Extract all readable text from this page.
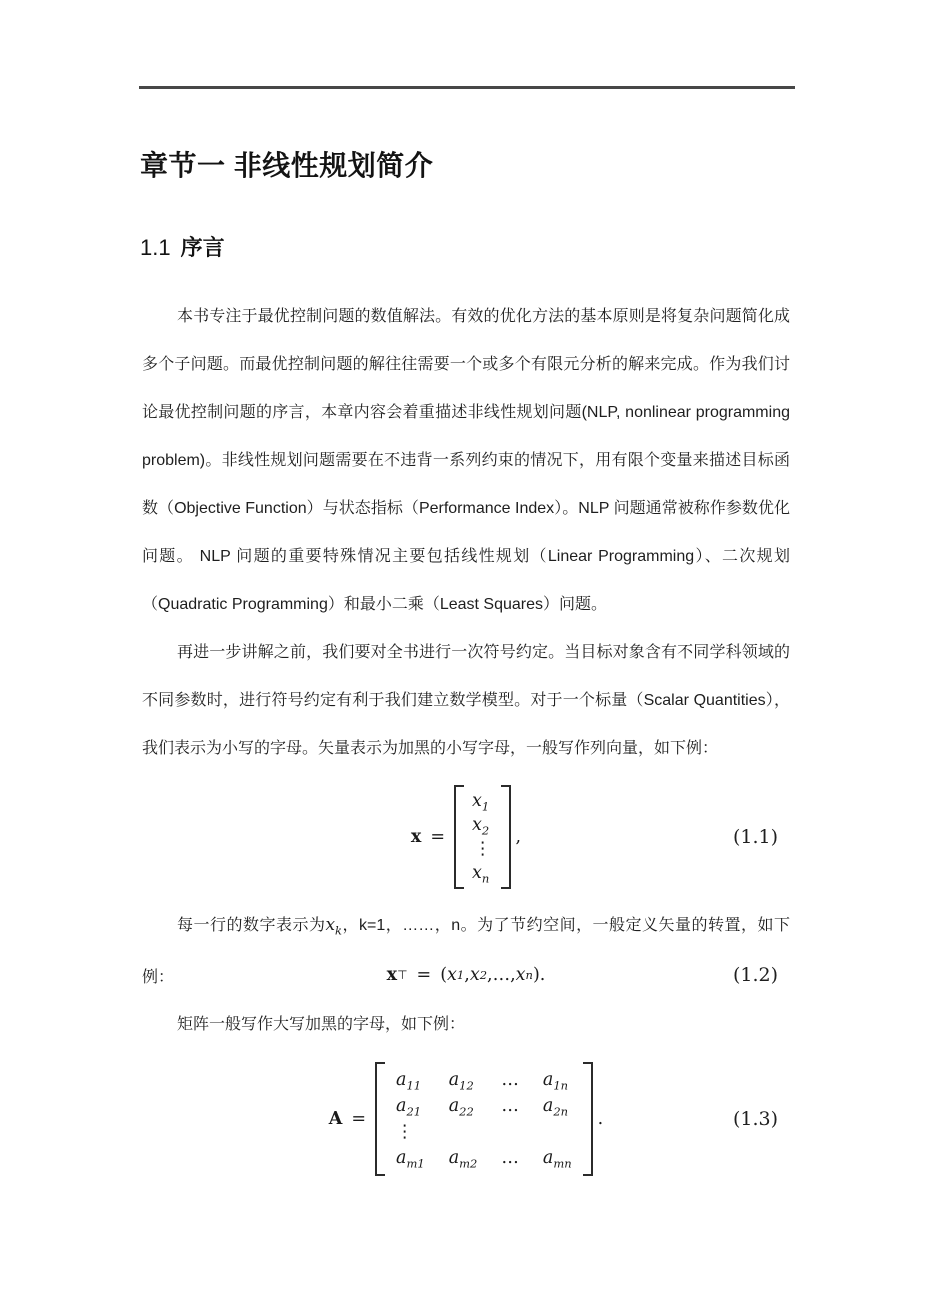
章节一 非线性规划简介
1.1 序言
本书专注于最优控制问题的数值解法。有效的优化方法的基本原则是将复杂问题简化成
多个子问题。而最优控制问题的解往往需要一个或多个有限元分析的解来完成。作为我们讨
论最优控制问题的序言，本章内容会着重描述非线性规划问题(NLP, nonlinear programming
problem)。非线性规划问题需要在不违背一系列约束的情况下，用有限个变量来描述目标函
数（Objective Function）与状态指标（Performance Index）。NLP 问题通常被称作参数优化
问题。 NLP 问题的重要特殊情况主要包括线性规划（Linear Programming）、二次规划
（Quadratic Programming）和最小二乘（Least Squares）问题。
再进一步讲解之前，我们要对全书进行一次符号约定。当目标对象含有不同学科领域的
不同参数时，进行符号约定有利于我们建立数学模型。对于一个标量（Scalar Quantities），
我们表示为小写的字母。矢量表示为加黑的小写字母，一般写作列向量，如下例：
x =
$x_1$
$x_2$
⋮
$x_n$
,	(1.1)
每一行的数字表示为$x_k$，k=1，……，n。为了节约空间，一般定义矢量的转置，如下例：	x ⊤ = ( x 1 , x 2 , … , x n ).	(1.2)
矩阵一般写作大写加黑的字母，如下例：
A =
$a_{11}$ $a_{12}$ … $a_{1n}$
$a_{21}$ $a_{22}$ … $a_{2n}$
⋮
$a_{m1}$ $a_{m2}$ … $a_{mn}$
.	(1.3)
